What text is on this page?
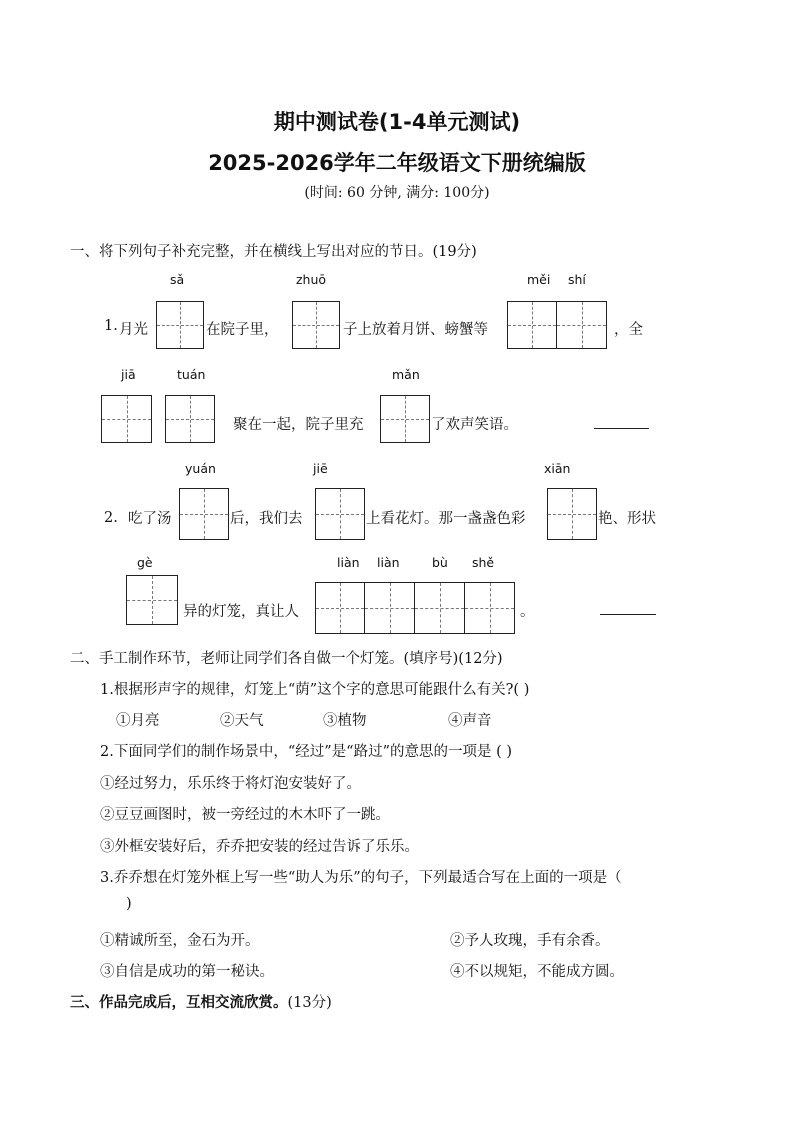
期中测试卷(1-4单元测试)
2025-2026学年二年级语文下册统编版
(时间: 60 分钟, 满分: 100分)
一、将下列句子补充完整，并在横线上写出对应的节日。(19分)
sǎ	zhuō	měi shí
1. 月光	在院子里，	子上放着月饼、螃蟹等	，全
jiā	tuán	mǎn
聚在一起，院子里充	了欢声笑语。
yuán	jiē	xiān
2. 吃了汤	后，我们去	上看花灯。那一盏盏色彩	艳、形状
gè	liàn liàn	bù shě
异的灯笼，真让人	。
二、手工制作环节，老师让同学们各自做一个灯笼。(填序号)(12分)
1.根据形声字的规律，灯笼上“荫”这个字的意思可能跟什么有关?( )
①月亮	②天气	③植物	④声音
2.下面同学们的制作场景中，“经过”是“路过”的意思的一项是 ( )
①经过努力，乐乐终于将灯泡安装好了。
②豆豆画图时，被一旁经过的木木吓了一跳。
③外框安装好后，乔乔把安装的经过告诉了乐乐。
3.乔乔想在灯笼外框上写一些“助人为乐”的句子，下列最适合写在上面的一项是（
)
①精诚所至，金石为开。	②予人玫瑰，手有余香。
③自信是成功的第一秘诀。	④不以规矩，不能成方圆。
三、作品完成后，互相交流欣赏。(13分)
